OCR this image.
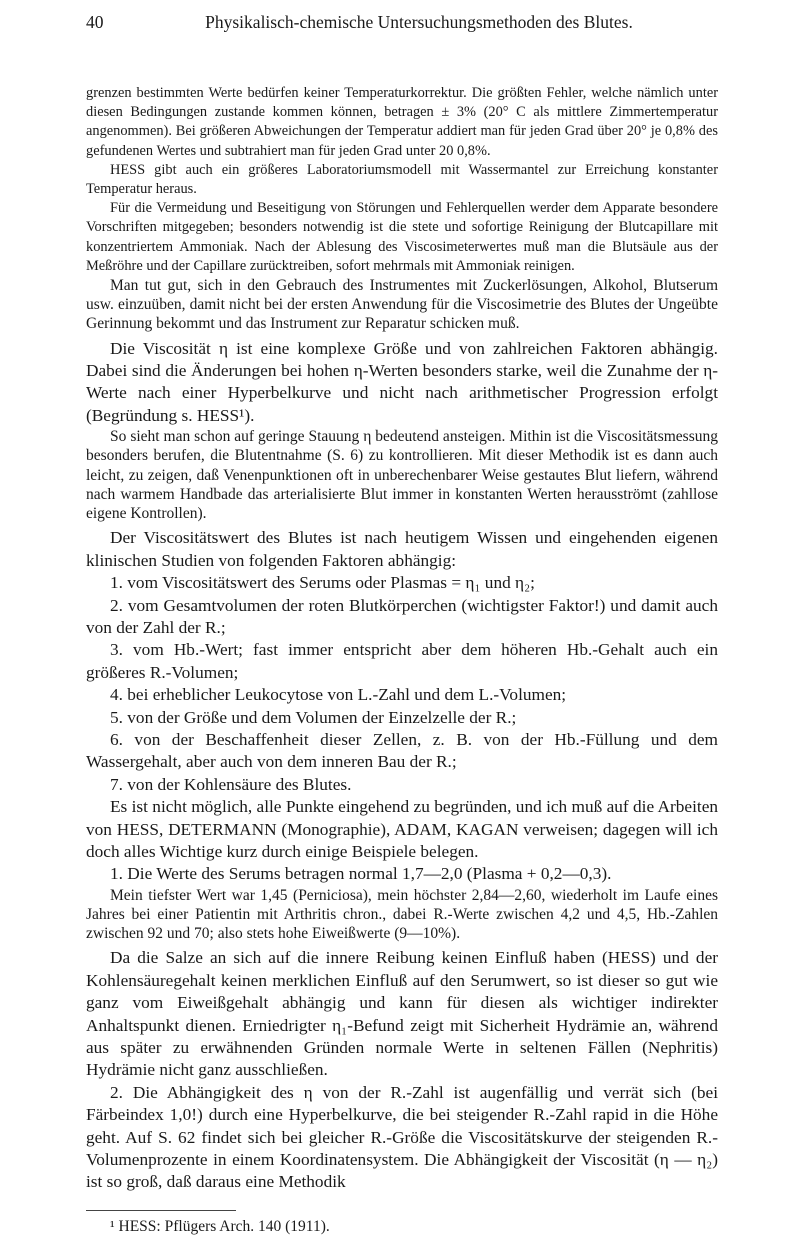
40	Physikalisch-chemische Untersuchungsmethoden des Blutes.

grenzen bestimmten Werte bedürfen keiner Temperaturkorrektur. Die größten Fehler, welche nämlich unter diesen Bedingungen zustande kommen können, betragen ± 3% (20° C als mittlere Zimmertemperatur angenommen). Bei größeren Abweichungen der Temperatur addiert man für jeden Grad über 20° je 0,8% des gefundenen Wertes und subtrahiert man für jeden Grad unter 20 0,8%.

HESS gibt auch ein größeres Laboratoriumsmodell mit Wassermantel zur Erreichung konstanter Temperatur heraus.

Für die Vermeidung und Beseitigung von Störungen und Fehlerquellen werder dem Apparate besondere Vorschriften mitgegeben; besonders notwendig ist die stete und sofortige Reinigung der Blutcapillare mit konzentriertem Ammoniak. Nach der Ablesung des Viscosimeterwertes muß man die Blutsäule aus der Meßröhre und der Capillare zurücktreiben, sofort mehrmals mit Ammoniak reinigen.

Man tut gut, sich in den Gebrauch des Instrumentes mit Zuckerlösungen, Alkohol, Blutserum usw. einzuüben, damit nicht bei der ersten Anwendung für die Viscosimetrie des Blutes der Ungeübte Gerinnung bekommt und das Instrument zur Reparatur schicken muß.

Die Viscosität η ist eine komplexe Größe und von zahlreichen Faktoren abhängig. Dabei sind die Änderungen bei hohen η-Werten besonders starke, weil die Zunahme der η-Werte nach einer Hyperbelkurve und nicht nach arithmetischer Progression erfolgt (Begründung s. HESS¹).

So sieht man schon auf geringe Stauung η bedeutend ansteigen. Mithin ist die Viscositätsmessung besonders berufen, die Blutentnahme (S. 6) zu kontrollieren. Mit dieser Methodik ist es dann auch leicht, zu zeigen, daß Venenpunktionen oft in unberechenbarer Weise gestautes Blut liefern, während nach warmem Handbade das arterialisierte Blut immer in konstanten Werten herausströmt (zahllose eigene Kontrollen).

Der Viscositätswert des Blutes ist nach heutigem Wissen und eingehenden eigenen klinischen Studien von folgenden Faktoren abhängig:

1. vom Viscositätswert des Serums oder Plasmas = η₁ und η₂;

2. vom Gesamtvolumen der roten Blutkörperchen (wichtigster Faktor!) und damit auch von der Zahl der R.;

3. vom Hb.-Wert; fast immer entspricht aber dem höheren Hb.-Gehalt auch ein größeres R.-Volumen;

4. bei erheblicher Leukocytose von L.-Zahl und dem L.-Volumen;

5. von der Größe und dem Volumen der Einzelzelle der R.;

6. von der Beschaffenheit dieser Zellen, z. B. von der Hb.-Füllung und dem Wassergehalt, aber auch von dem inneren Bau der R.;

7. von der Kohlensäure des Blutes.

Es ist nicht möglich, alle Punkte eingehend zu begründen, und ich muß auf die Arbeiten von HESS, DETERMANN (Monographie), ADAM, KAGAN verweisen; dagegen will ich doch alles Wichtige kurz durch einige Beispiele belegen.

1. Die Werte des Serums betragen normal 1,7—2,0 (Plasma + 0,2—0,3).

Mein tiefster Wert war 1,45 (Perniciosa), mein höchster 2,84—2,60, wiederholt im Laufe eines Jahres bei einer Patientin mit Arthritis chron., dabei R.-Werte zwischen 4,2 und 4,5, Hb.-Zahlen zwischen 92 und 70; also stets hohe Eiweißwerte (9—10%).

Da die Salze an sich auf die innere Reibung keinen Einfluß haben (HESS) und der Kohlensäuregehalt keinen merklichen Einfluß auf den Serumwert, so ist dieser so gut wie ganz vom Eiweißgehalt abhängig und kann für diesen als wichtiger indirekter Anhaltspunkt dienen. Erniedrigter η₁-Befund zeigt mit Sicherheit Hydrämie an, während aus später zu erwähnenden Gründen normale Werte in seltenen Fällen (Nephritis) Hydrämie nicht ganz ausschließen.

2. Die Abhängigkeit des η von der R.-Zahl ist augenfällig und verrät sich (bei Färbeindex 1,0!) durch eine Hyperbelkurve, die bei steigender R.-Zahl rapid in die Höhe geht. Auf S. 62 findet sich bei gleicher R.-Größe die Viscositätskurve der steigenden R.-Volumenprozente in einem Koordinatensystem. Die Abhängigkeit der Viscosität (η — η₂) ist so groß, daß daraus eine Methodik

¹ HESS: Pflügers Arch. 140 (1911).
